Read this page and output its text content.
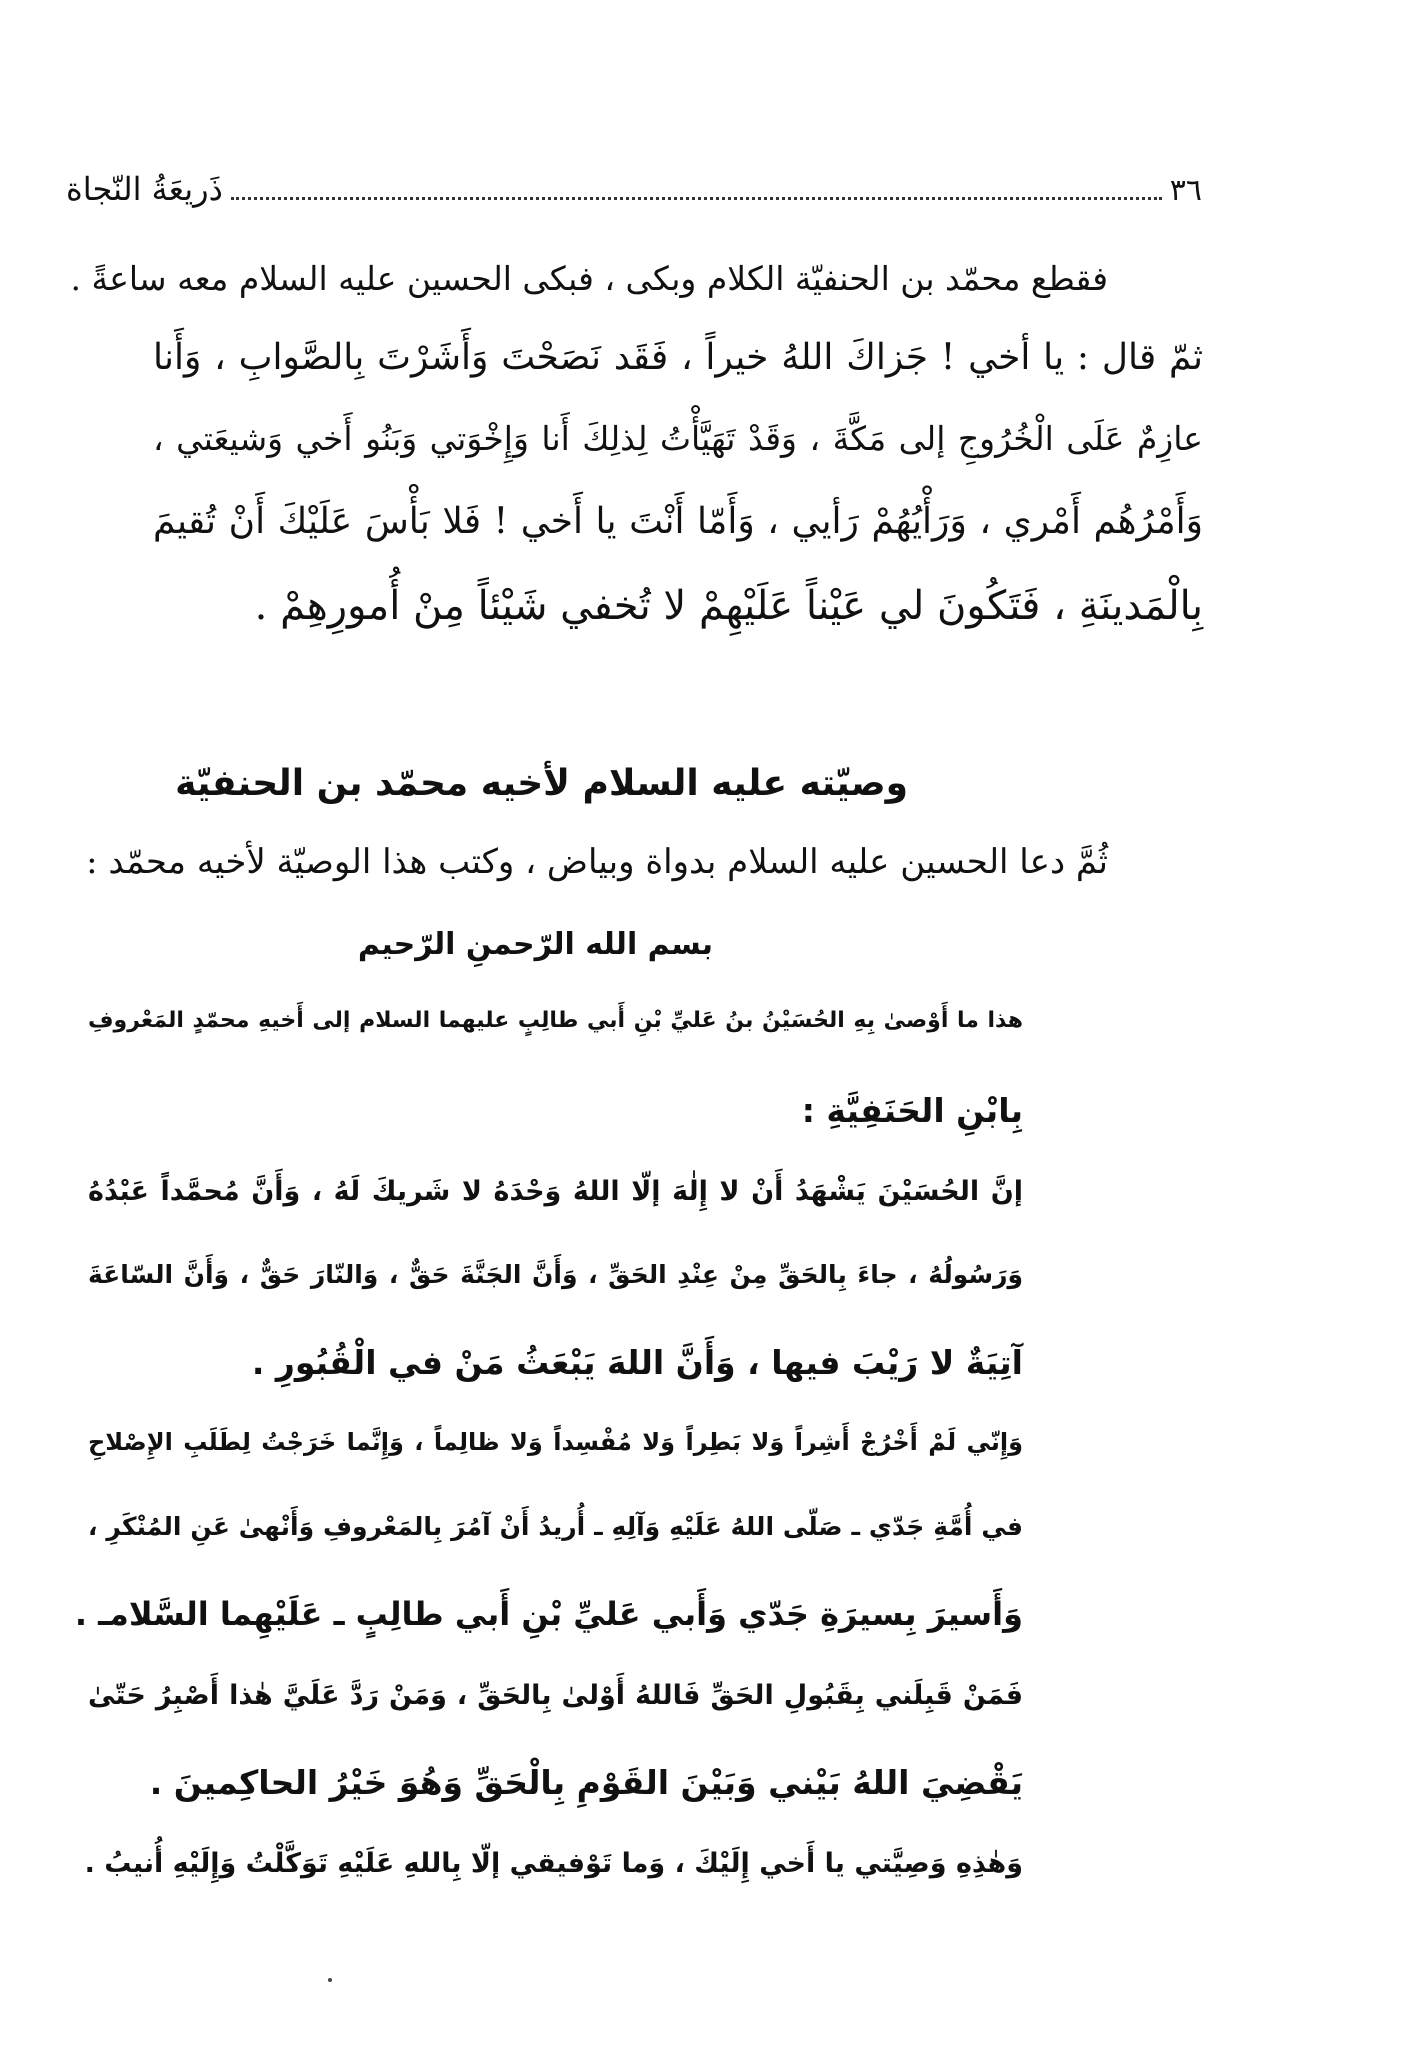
٣٦
ذَريعَةُ النّجاة
فقطع محمّد بن الحنفيّة الكلام وبكى ، فبكى الحسين عليه السلام معه ساعةً .
ثمّ قال : يا أخي ! جَزاكَ اللهُ خيراً ، فَقَد نَصَحْتَ وَأَشَرْتَ بِالصَّوابِ ، وَأَنا
عازِمٌ عَلَى الْخُرُوجِ إلى مَكَّةَ ، وَقَدْ تَهَيَّأْتُ لِذلِكَ أَنا وَإِخْوَتي وَبَنُو أَخي وَشيعَتي ،
وَأَمْرُهُم أَمْري ، وَرَأْيُهُمْ رَأيي ، وَأَمّا أَنْتَ يا أَخي ! فَلا بَأْسَ عَلَيْكَ أَنْ تُقيمَ
بِالْمَدينَةِ ، فَتَكُونَ لي عَيْناً عَلَيْهِمْ لا تُخفي شَيْئاً مِنْ أُمورِهِمْ .
وصيّته عليه السلام لأخيه محمّد بن الحنفيّة
ثُمَّ دعا الحسين عليه السلام بدواة وبياض ، وكتب هذا الوصيّة لأخيه محمّد :
بسم الله الرّحمنِ الرّحيم
هذا ما أَوْصىٰ بِهِ الحُسَيْنُ بنُ عَليِّ بْنِ أَبي طالِبٍ عليهما السلام إلى أَخيهِ محمّدٍ المَعْروفِ
بِابْنِ الحَنَفِيَّةِ :
إنَّ الحُسَيْنَ يَشْهَدُ أَنْ لا إِلٰهَ إلّا اللهُ وَحْدَهُ لا شَريكَ لَهُ ، وَأَنَّ مُحمَّداً عَبْدُهُ
وَرَسُولُهُ ، جاءَ بِالحَقِّ مِنْ عِنْدِ الحَقِّ ، وَأَنَّ الجَنَّةَ حَقٌّ ، وَالنّارَ حَقٌّ ، وَأَنَّ السّاعَةَ
آتِيَةٌ لا رَيْبَ فيها ، وَأَنَّ اللهَ يَبْعَثُ مَنْ في الْقُبُورِ .
وَإِنّي لَمْ أَخْرُجْ أَشِراً وَلا بَطِراً وَلا مُفْسِداً وَلا ظالِماً ، وَإِنَّما خَرَجْتُ لِطَلَبِ الإِصْلاحِ
في أُمَّةِ جَدّي ـ صَلّى اللهُ عَلَيْهِ وَآلِهِ ـ أُريدُ أَنْ آمُرَ بِالمَعْروفِ وَأَنْهىٰ عَنِ المُنْكَرِ ،
وَأَسيرَ بِسيرَةِ جَدّي وَأَبي عَليِّ بْنِ أَبي طالِبٍ ـ عَلَيْهِما السَّلامـ .
فَمَنْ قَبِلَني بِقَبُولِ الحَقِّ فَاللهُ أَوْلىٰ بِالحَقِّ ، وَمَنْ رَدَّ عَلَيَّ هٰذا أَصْبِرُ حَتّىٰ
يَقْضِيَ اللهُ بَيْني وَبَيْنَ القَوْمِ بِالْحَقِّ وَهُوَ خَيْرُ الحاكِمينَ .
وَهٰذِهِ وَصِيَّتي يا أَخي إِلَيْكَ ، وَما تَوْفيقي إلّا بِاللهِ عَلَيْهِ تَوَكَّلْتُ وَإِلَيْهِ أُنيبُ .
